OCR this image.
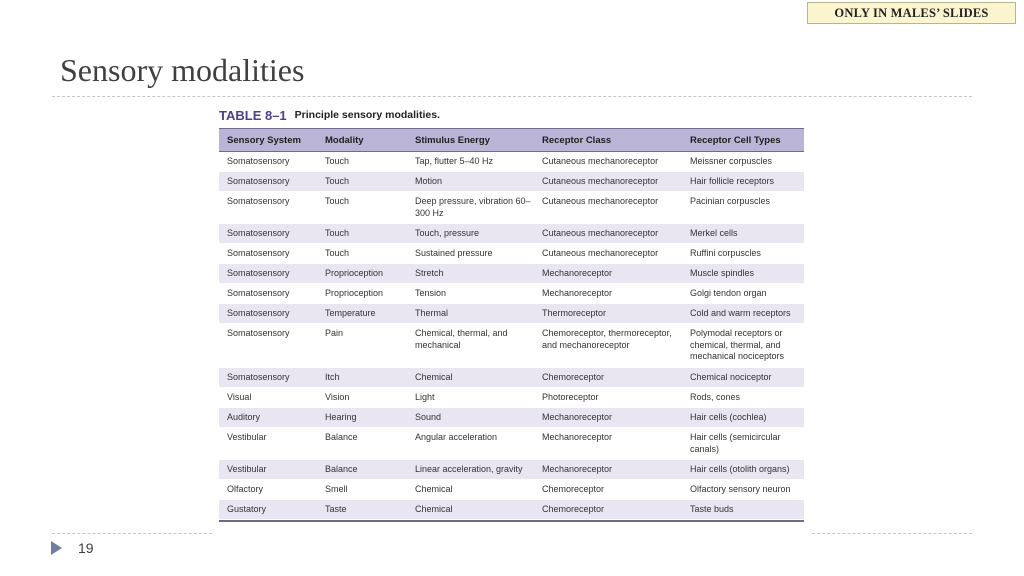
ONLY IN MALES’ SLIDES
Sensory modalities
TABLE 8–1 Principle sensory modalities.
Sensory System	Modality	Stimulus Energy	Receptor Class	Receptor Cell Types
Somatosensory	Touch	Tap, flutter 5–40 Hz	Cutaneous mechanoreceptor	Meissner corpuscles
Somatosensory	Touch	Motion	Cutaneous mechanoreceptor	Hair follicle receptors
Somatosensory	Touch	Deep pressure, vibration 60–300 Hz	Cutaneous mechanoreceptor	Pacinian corpuscles
Somatosensory	Touch	Touch, pressure	Cutaneous mechanoreceptor	Merkel cells
Somatosensory	Touch	Sustained pressure	Cutaneous mechanoreceptor	Ruffini corpuscles
Somatosensory	Proprioception	Stretch	Mechanoreceptor	Muscle spindles
Somatosensory	Proprioception	Tension	Mechanoreceptor	Golgi tendon organ
Somatosensory	Temperature	Thermal	Thermoreceptor	Cold and warm receptors
Somatosensory	Pain	Chemical, thermal, and mechanical	Chemoreceptor, thermoreceptor, and mechanoreceptor	Polymodal receptors or chemical, thermal, and mechanical nociceptors
Somatosensory	Itch	Chemical	Chemoreceptor	Chemical nociceptor
Visual	Vision	Light	Photoreceptor	Rods, cones
Auditory	Hearing	Sound	Mechanoreceptor	Hair cells (cochlea)
Vestibular	Balance	Angular acceleration	Mechanoreceptor	Hair cells (semicircular canals)
Vestibular	Balance	Linear acceleration, gravity	Mechanoreceptor	Hair cells (otolith organs)
Olfactory	Smell	Chemical	Chemoreceptor	Olfactory sensory neuron
Gustatory	Taste	Chemical	Chemoreceptor	Taste buds
19
